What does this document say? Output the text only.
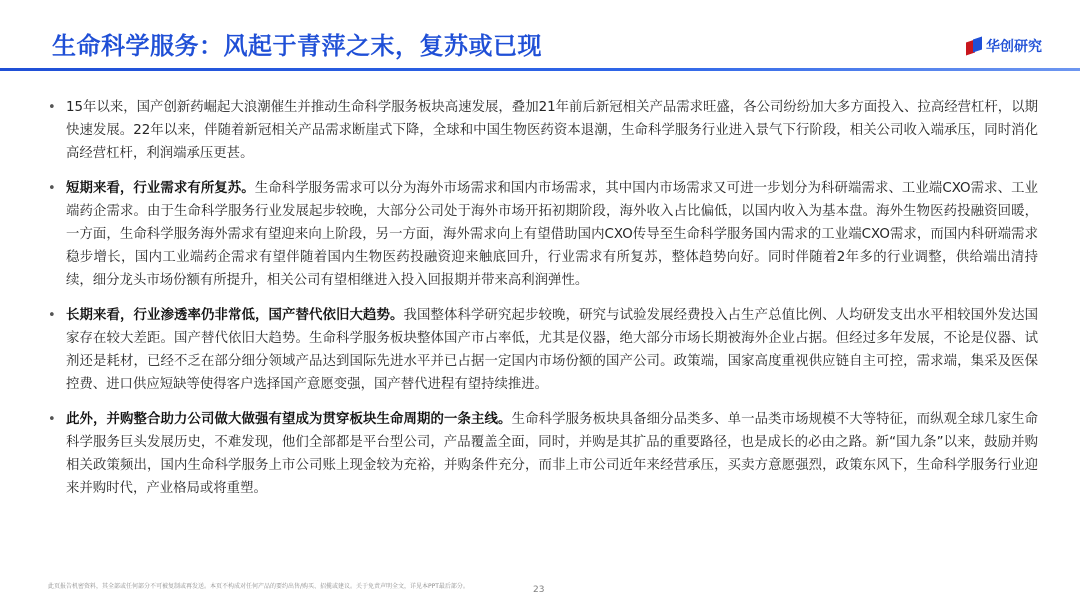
生命科学服务：风起于青萍之末，复苏或已现	华创研究
• 15年以来，国产创新药崛起大浪潮催生并推动生命科学服务板块高速发展，叠加21年前后新冠相关产品需求旺盛，各公司纷纷加大多方面投入、拉高经营杠杆，以期快速发展。22年以来，伴随着新冠相关产品需求断崖式下降，全球和中国生物医药资本退潮，生命科学服务行业进入景气下行阶段，相关公司收入端承压，同时消化高经营杠杆，利润端承压更甚。
• 短期来看，行业需求有所复苏。生命科学服务需求可以分为海外市场需求和国内市场需求，其中国内市场需求又可进一步划分为科研端需求、工业端CXO需求、工业端药企需求。由于生命科学服务行业发展起步较晚，大部分公司处于海外市场开拓初期阶段，海外收入占比偏低，以国内收入为基本盘。海外生物医药投融资回暖，一方面，生命科学服务海外需求有望迎来向上阶段，另一方面，海外需求向上有望借助国内CXO传导至生命科学服务国内需求的工业端CXO需求，而国内科研端需求稳步增长，国内工业端药企需求有望伴随着国内生物医药投融资迎来触底回升，行业需求有所复苏，整体趋势向好。同时伴随着2年多的行业调整，供给端出清持续，细分龙头市场份额有所提升，相关公司有望相继进入投入回报期并带来高利润弹性。
• 长期来看，行业渗透率仍非常低，国产替代依旧大趋势。我国整体科学研究起步较晚，研究与试验发展经费投入占生产总值比例、人均研发支出水平相较国外发达国家存在较大差距。国产替代依旧大趋势。生命科学服务板块整体国产市占率低，尤其是仪器，绝大部分市场长期被海外企业占据。但经过多年发展，不论是仪器、试剂还是耗材，已经不乏在部分细分领域产品达到国际先进水平并已占据一定国内市场份额的国产公司。政策端，国家高度重视供应链自主可控，需求端，集采及医保控费、进口供应短缺等使得客户选择国产意愿变强，国产替代进程有望持续推进。
• 此外，并购整合助力公司做大做强有望成为贯穿板块生命周期的一条主线。生命科学服务板块具备细分品类多、单一品类市场规模不大等特征，而纵观全球几家生命科学服务巨头发展历史，不难发现，他们全部都是平台型公司，产品覆盖全面，同时，并购是其扩品的重要路径，也是成长的必由之路。新“国九条”以来，鼓励并购相关政策频出，国内生命科学服务上市公司账上现金较为充裕，并购条件充分，而非上市公司近年来经营承压，买卖方意愿强烈，政策东风下，生命科学服务行业迎来并购时代，产业格局或将重塑。
此页报告机密资料，其全部或任何部分不可被复制或再发送。本页不构成对任何产品的要约出售/购买、招揽或建议。关于免责声明全文，详见本PPT最后部分。	23
